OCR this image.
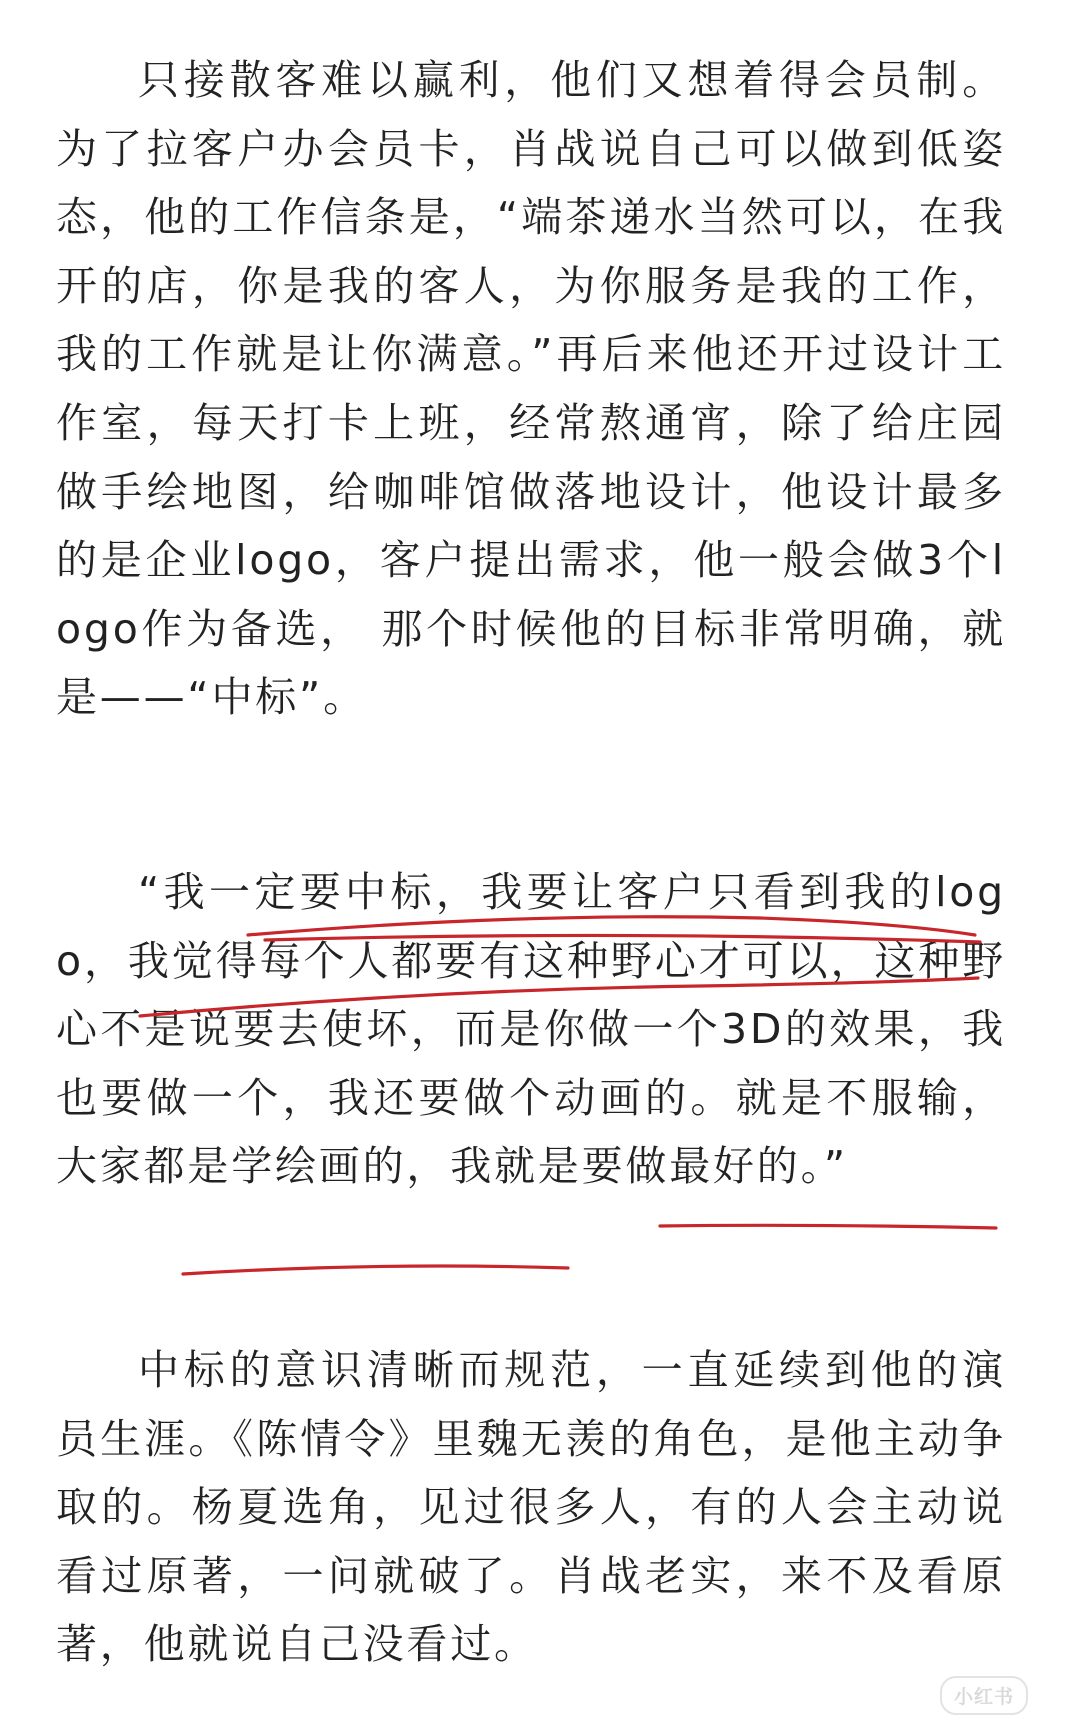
只接散客难以赢利，他们又想着得会员制。为了拉客户办会员卡，肖战说自己可以做到低姿态，他的工作信条是，“端茶递水当然可以，在我开的店，你是我的客人，为你服务是我的工作，我的工作就是让你满意。”再后来他还开过设计工作室，每天打卡上班，经常熬通宵，除了给庄园做手绘地图，给咖啡馆做落地设计，他设计最多的是企业logo，客户提出需求，他一般会做3个logo作为备选， 那个时候他的目标非常明确，就是——“中标”。

“我一定要中标，我要让客户只看到我的logo，我觉得每个人都要有这种野心才可以，这种野心不是说要去使坏，而是你做一个3D的效果，我也要做一个，我还要做个动画的。就是不服输，大家都是学绘画的，我就是要做最好的。”

中标的意识清晰而规范，一直延续到他的演员生涯。《陈情令》里魏无羡的角色，是他主动争取的。杨夏选角，见过很多人，有的人会主动说看过原著，一问就破了。肖战老实，来不及看原著，他就说自己没看过。

小红书
